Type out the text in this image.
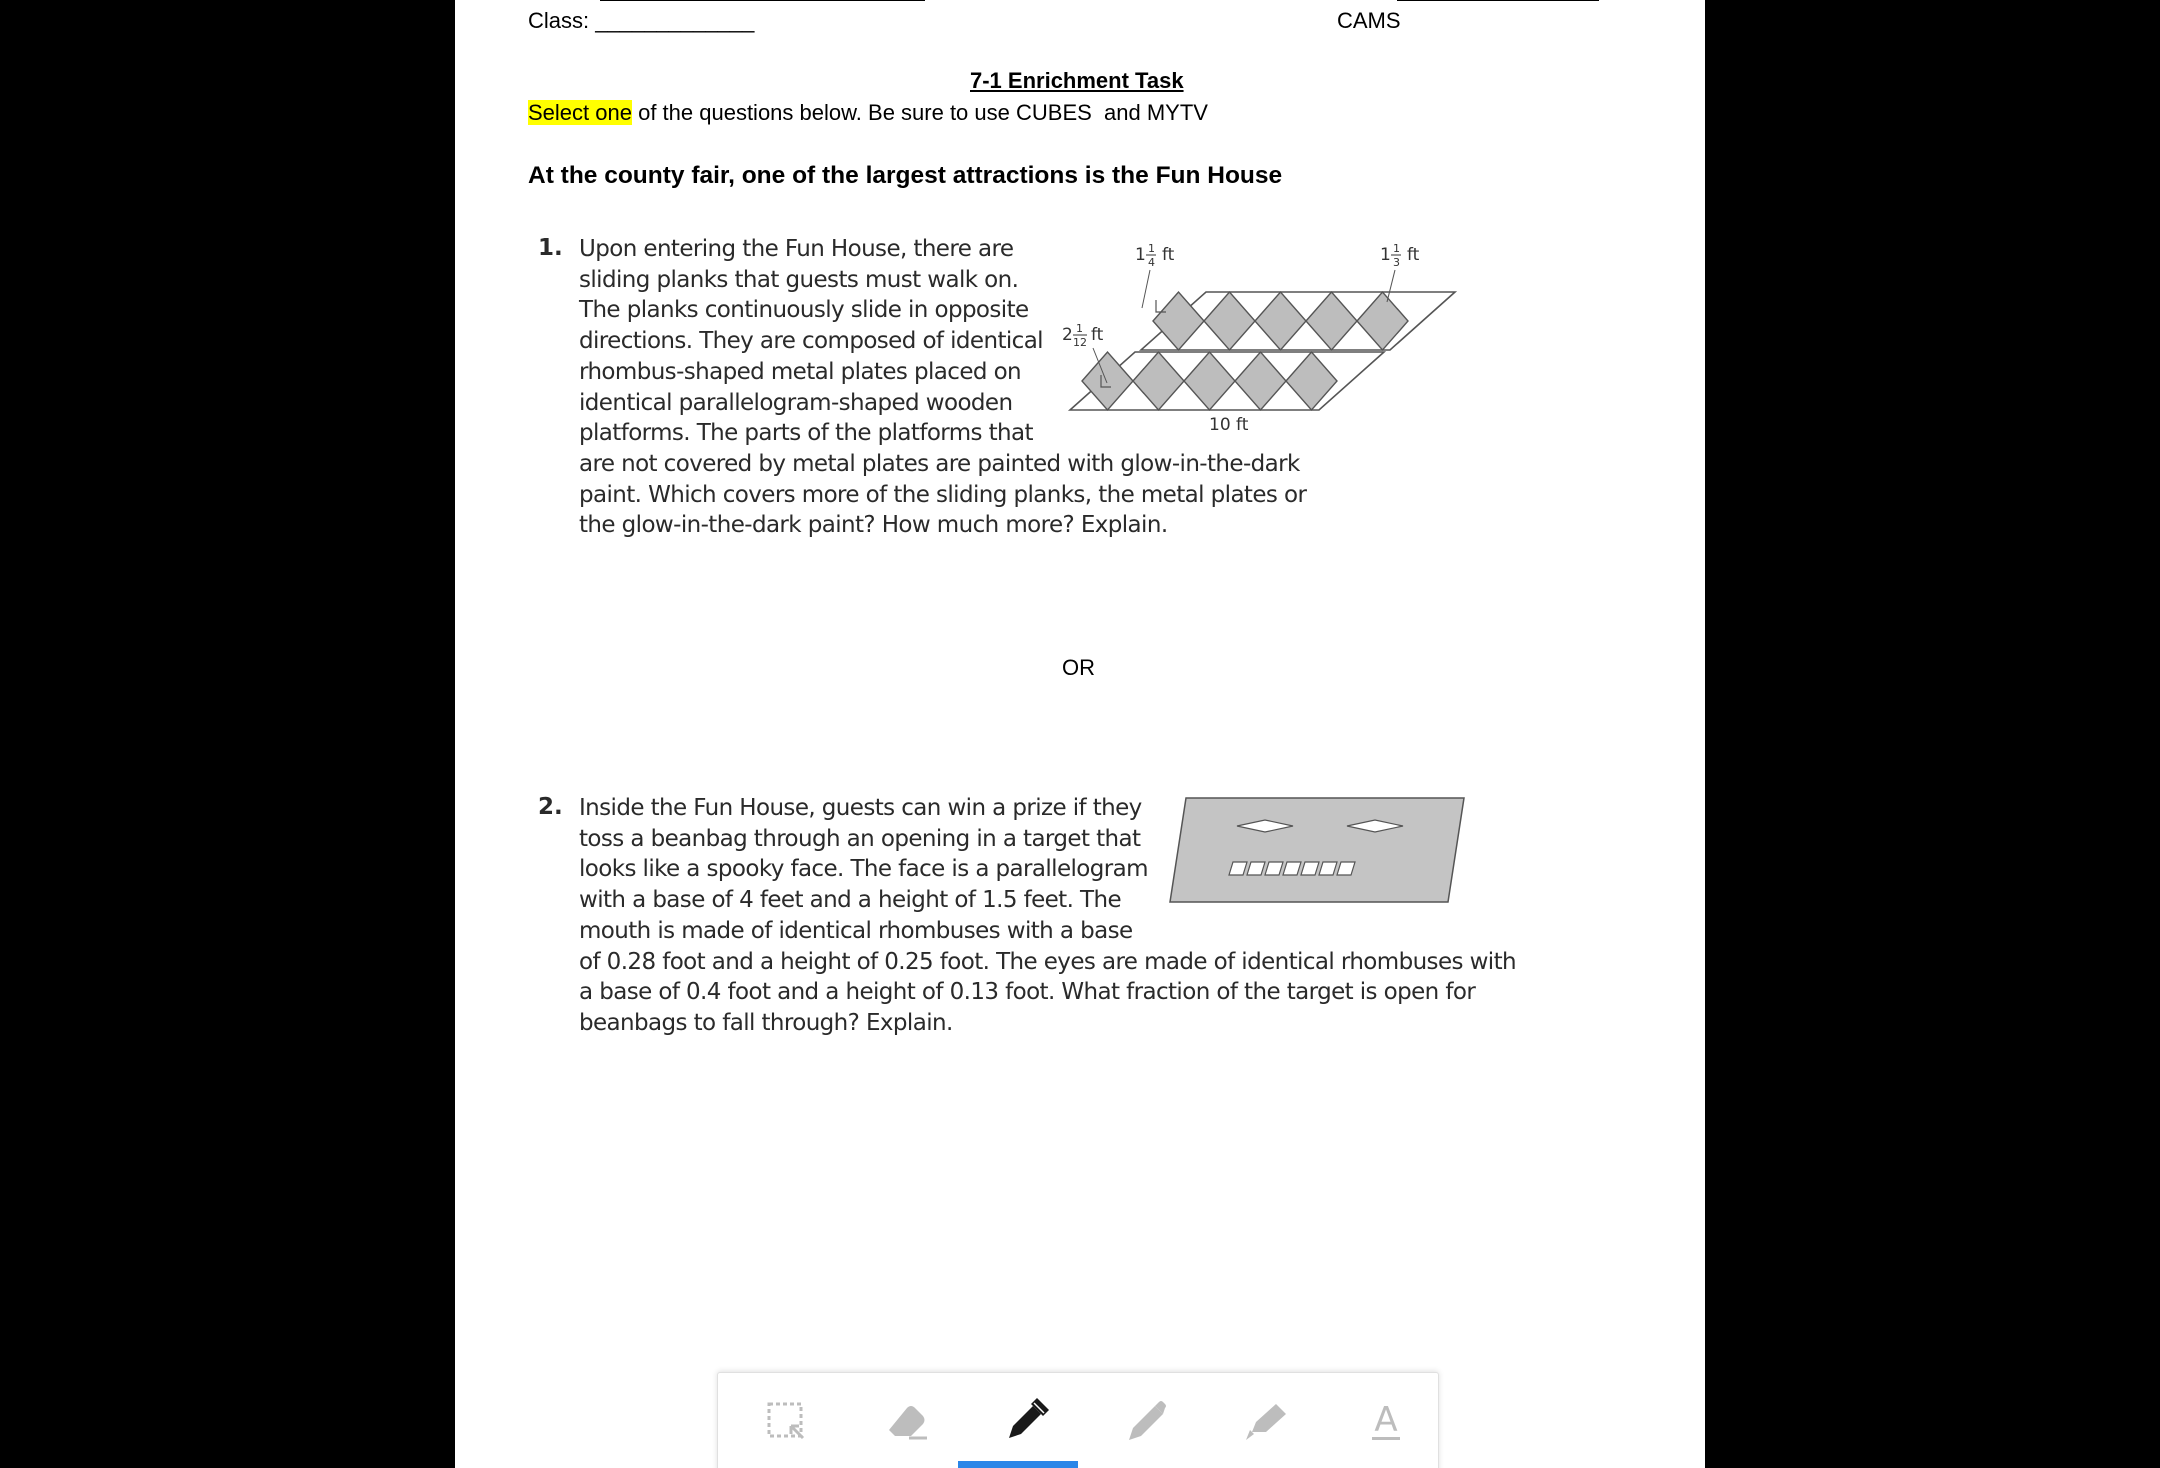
Class: _____________	CAMS
7-1 Enrichment Task
Select one of the questions below. Be sure to use CUBES  and MYTV
At the county fair, one of the largest attractions is the Fun House
1. Upon entering the Fun House, there are
sliding planks that guests must walk on.
The planks continuously slide in opposite
directions. They are composed of identical
rhombus-shaped metal plates placed on
identical parallelogram-shaped wooden
platforms. The parts of the platforms that
are not covered by metal plates are painted with glow-in-the-dark
paint. Which covers more of the sliding planks, the metal plates or
the glow-in-the-dark paint? How much more? Explain.
1 1
4 ft	1 1
3 ft
2 1
12 ft
10 ft
OR
2. Inside the Fun House, guests can win a prize if they
toss a beanbag through an opening in a target that
looks like a spooky face. The face is a parallelogram
with a base of 4 feet and a height of 1.5 feet. The
mouth is made of identical rhombuses with a base
of 0.28 foot and a height of 0.25 foot. The eyes are made of identical rhombuses with
a base of 0.4 foot and a height of 0.13 foot. What fraction of the target is open for
beanbags to fall through? Explain.
A
